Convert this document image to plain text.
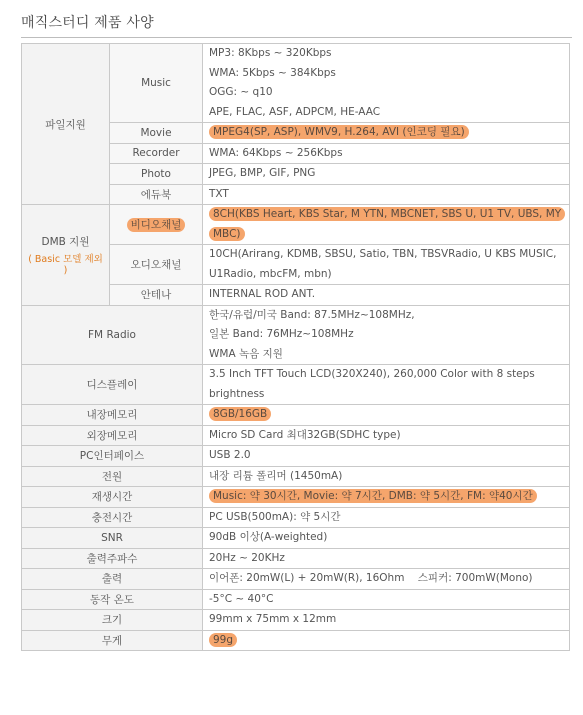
매직스터디 제품 사양
파일지원	Music	MP3: 8Kbps ~ 320Kbps
WMA: 5Kbps ~ 384Kbps
OGG: ~ q10
APE, FLAC, ASF, ADPCM, HE-AAC

	Movie	MPEG4(SP, ASP), WMV9, H.264, AVI (인코딩 필요)
	Recorder	WMA: 64Kbps ~ 256Kbps
	Photo	JPEG, BMP, GIF, PNG
	에듀북	TXT
DMB 지원
( Basic 모델 제외 )	비디오채널	8CH(KBS Heart, KBS Star, M YTN, MBCNET, SBS U, U1 TV, UBS, MY MBC)
	오디오채널	10CH(Arirang, KDMB, SBSU, Satio, TBN, TBSVRadio, U KBS MUSIC, U1Radio, mbcFM, mbn)
	안테나	INTERNAL ROD ANT.
FM Radio		한국/유럽/미국 Band: 87.5MHz~108MHz,
일본 Band: 76MHz~108MHz
WMA 녹음 지원

디스플레이		3.5 Inch TFT Touch LCD(320X240), 260,000 Color with 8 steps brightness
내장메모리		8GB/16GB
외장메모리		Micro SD Card 최대32GB(SDHC type)
PC인터페이스		USB 2.0
전원		내장 리튬 폴리머 (1450mA)
재생시간		Music: 약 30시간, Movie: 약 7시간, DMB: 약 5시간, FM: 약40시간
충전시간		PC USB(500mA): 약 5시간
SNR		90dB 이상(A-weighted)
출력주파수		20Hz ~ 20KHz
출력		이어폰: 20mW(L) + 20mW(R), 16Ohm    스피커: 700mW(Mono)
동작 온도		-5°C ~ 40°C
크기		99mm x 75mm x 12mm
무게		99g
